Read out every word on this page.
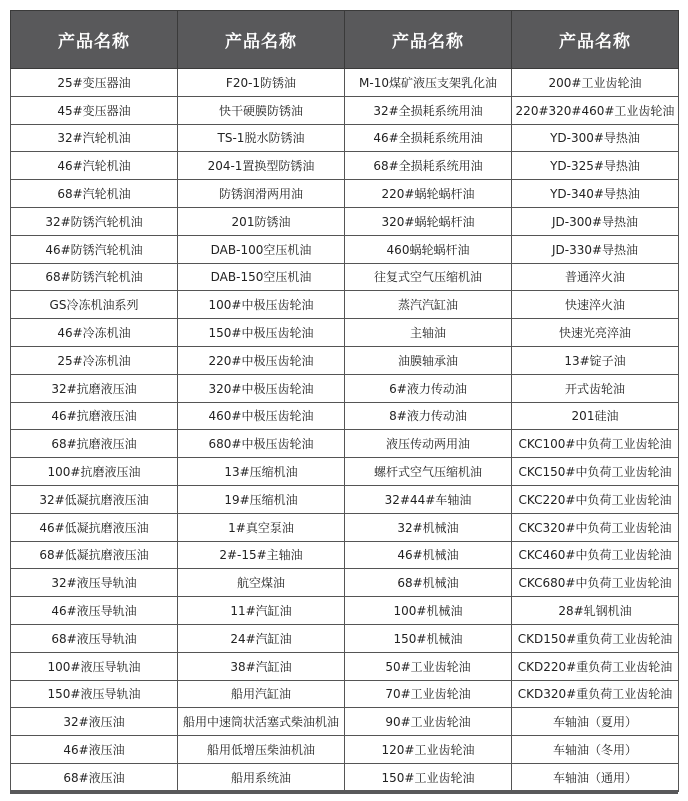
产品名称	产品名称	产品名称	产品名称
25#变压器油	F20-1防锈油	M-10煤矿液压支架乳化油	200#工业齿轮油
45#变压器油	快干硬膜防锈油	32#全损耗系统用油	220#320#460#工业齿轮油
32#汽轮机油	TS-1脱水防锈油	46#全损耗系统用油	YD-300#导热油
46#汽轮机油	204-1置换型防锈油	68#全损耗系统用油	YD-325#导热油
68#汽轮机油	防锈润滑两用油	220#蜗轮蜗杆油	YD-340#导热油
32#防锈汽轮机油	201防锈油	320#蜗轮蜗杆油	JD-300#导热油
46#防锈汽轮机油	DAB-100空压机油	460蜗轮蜗杆油	JD-330#导热油
68#防锈汽轮机油	DAB-150空压机油	往复式空气压缩机油	普通淬火油
GS冷冻机油系列	100#中极压齿轮油	蒸汽汽缸油	快速淬火油
46#冷冻机油	150#中极压齿轮油	主轴油	快速光亮淬油
25#冷冻机油	220#中极压齿轮油	油膜轴承油	13#锭子油
32#抗磨液压油	320#中极压齿轮油	6#液力传动油	开式齿轮油
46#抗磨液压油	460#中极压齿轮油	8#液力传动油	201硅油
68#抗磨液压油	680#中极压齿轮油	液压传动两用油	CKC100#中负荷工业齿轮油
100#抗磨液压油	13#压缩机油	螺杆式空气压缩机油	CKC150#中负荷工业齿轮油
32#低凝抗磨液压油	19#压缩机油	32#44#车轴油	CKC220#中负荷工业齿轮油
46#低凝抗磨液压油	1#真空泵油	32#机械油	CKC320#中负荷工业齿轮油
68#低凝抗磨液压油	2#-15#主轴油	46#机械油	CKC460#中负荷工业齿轮油
32#液压导轨油	航空煤油	68#机械油	CKC680#中负荷工业齿轮油
46#液压导轨油	11#汽缸油	100#机械油	28#轧钢机油
68#液压导轨油	24#汽缸油	150#机械油	CKD150#重负荷工业齿轮油
100#液压导轨油	38#汽缸油	50#工业齿轮油	CKD220#重负荷工业齿轮油
150#液压导轨油	船用汽缸油	70#工业齿轮油	CKD320#重负荷工业齿轮油
32#液压油	船用中速筒状活塞式柴油机油	90#工业齿轮油	车轴油（夏用）
46#液压油	船用低增压柴油机油	120#工业齿轮油	车轴油（冬用）
68#液压油	船用系统油	150#工业齿轮油	车轴油（通用）
